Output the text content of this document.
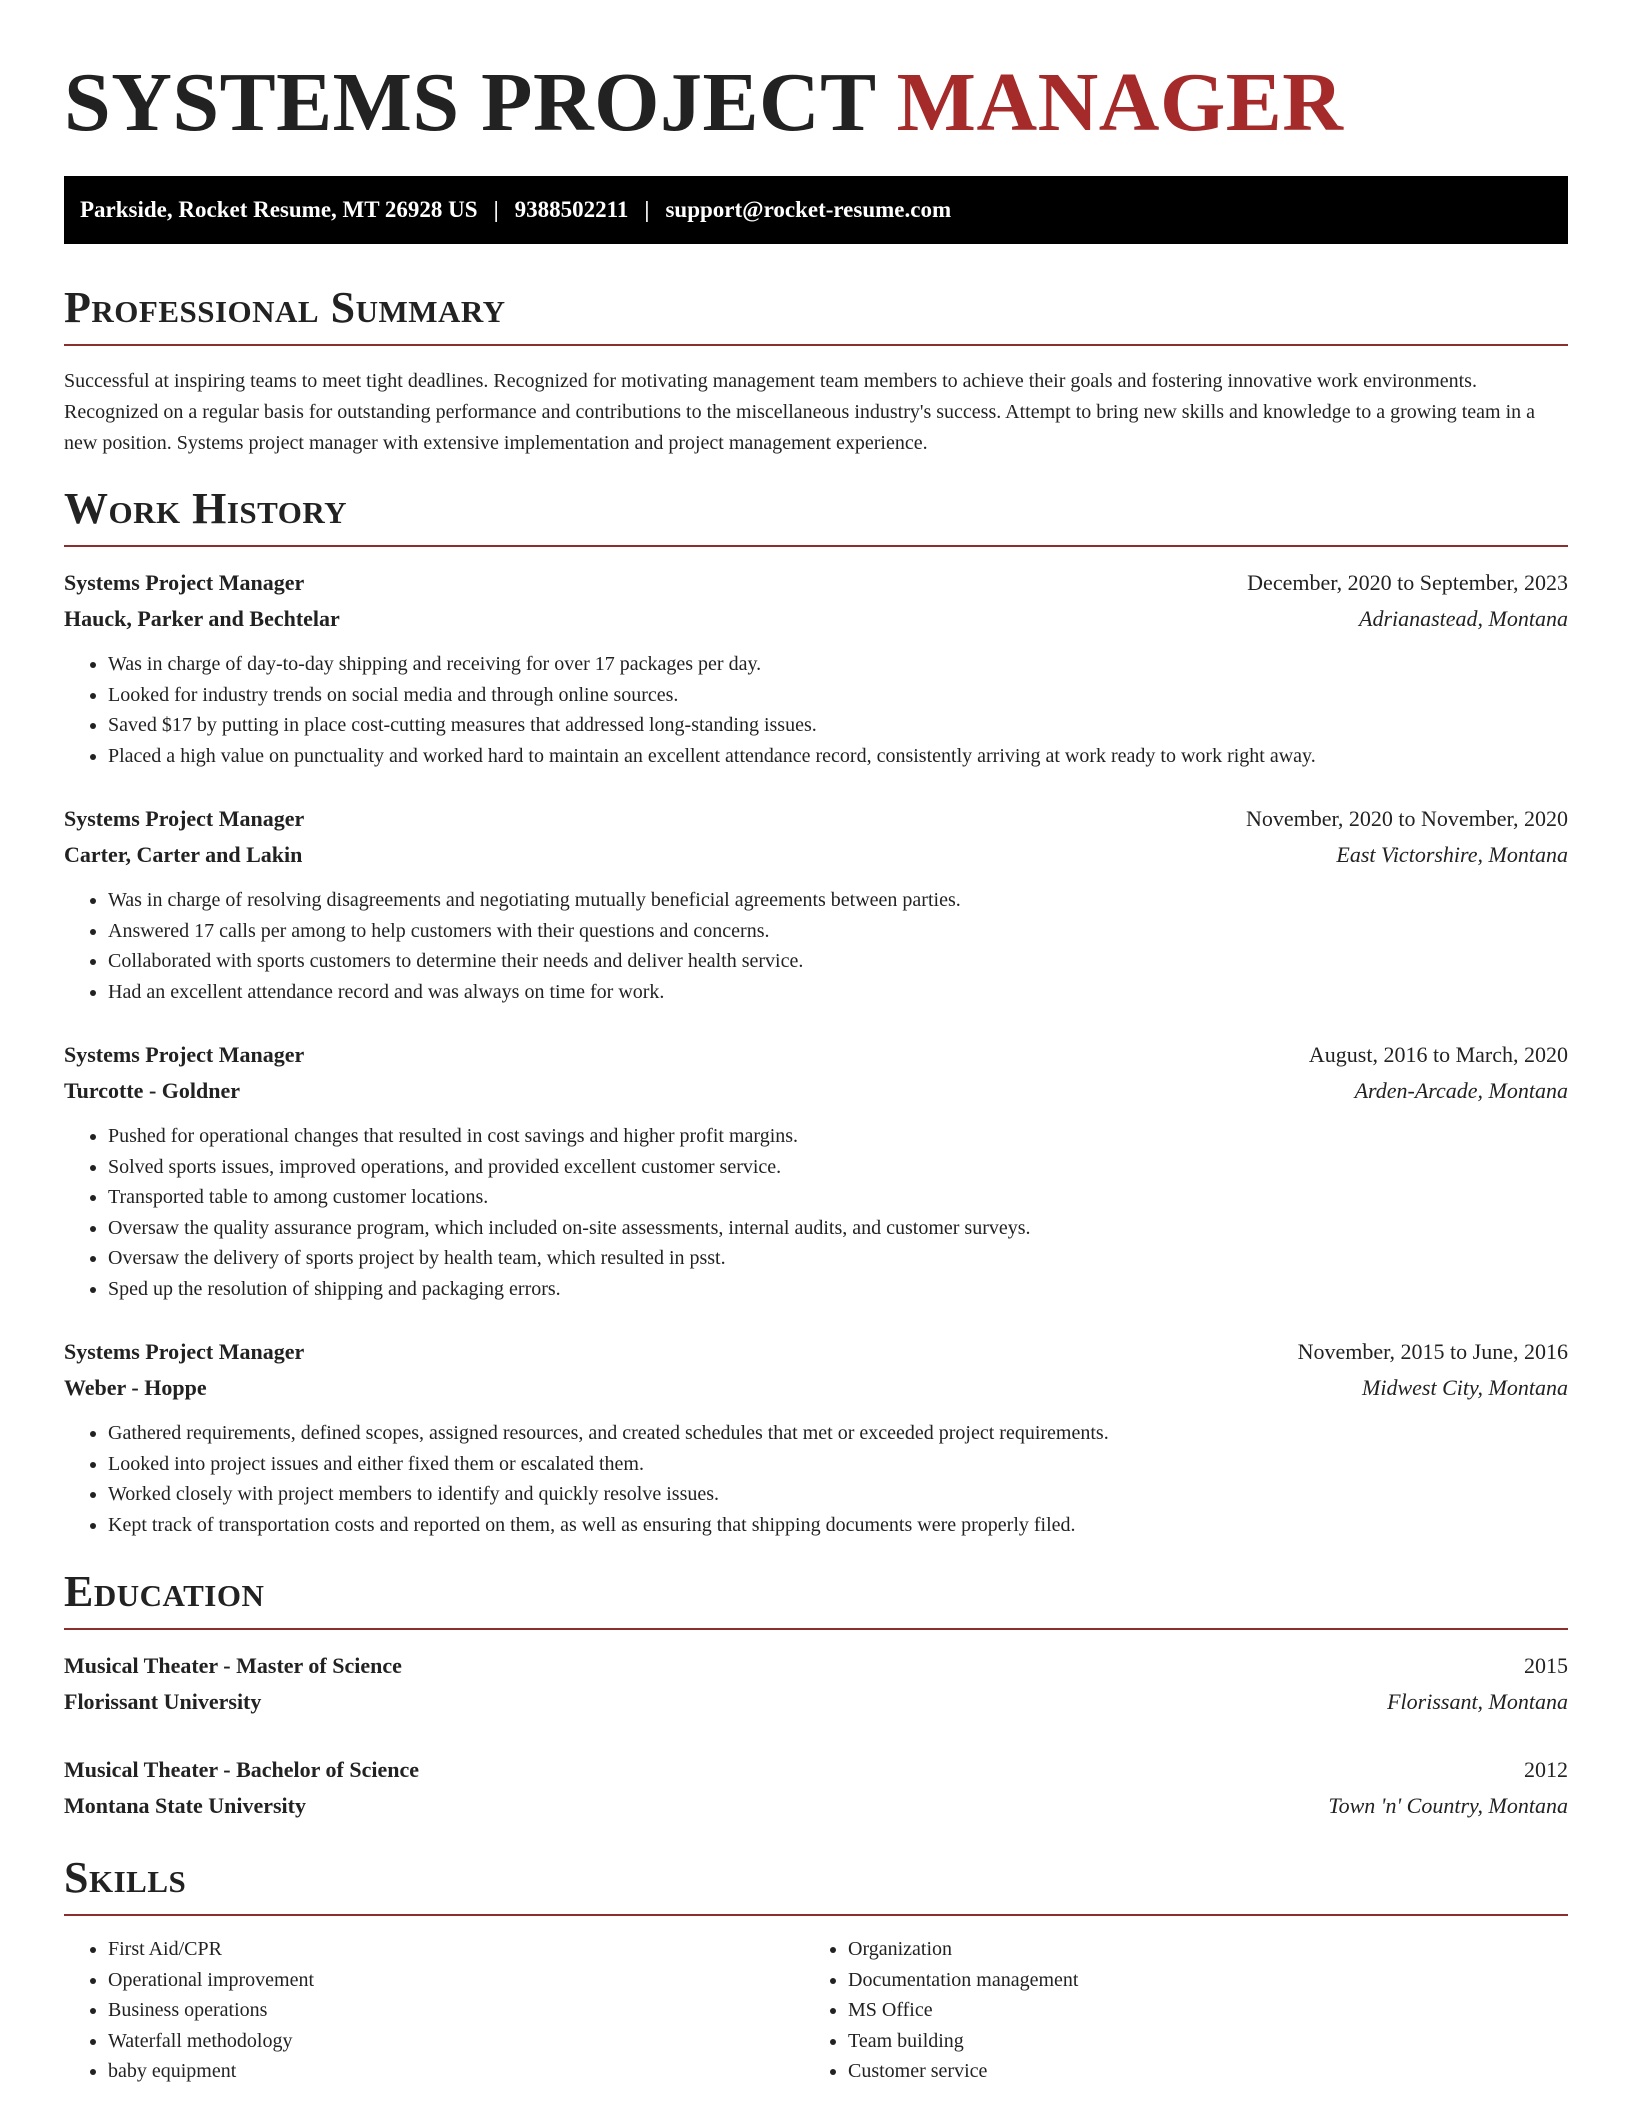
SYSTEMS PROJECT MANAGER
Parkside, Rocket Resume, MT 26928 US | 9388502211 | support@rocket-resume.com
Professional Summary

Successful at inspiring teams to meet tight deadlines. Recognized for motivating management team members to achieve their goals and fostering innovative work environments. Recognized on a regular basis for outstanding performance and contributions to the miscellaneous industry's success. Attempt to bring new skills and knowledge to a growing team in a new position. Systems project manager with extensive implementation and project management experience.

Work History
Systems Project Manager	December, 2020 to September, 2023
Hauck, Parker and Bechtelar	Adrianastead, Montana
• Was in charge of day-to-day shipping and receiving for over 17 packages per day.
• Looked for industry trends on social media and through online sources.
• Saved $17 by putting in place cost-cutting measures that addressed long-standing issues.
• Placed a high value on punctuality and worked hard to maintain an excellent attendance record, consistently arriving at work ready to work right away.
Systems Project Manager	November, 2020 to November, 2020
Carter, Carter and Lakin	East Victorshire, Montana
• Was in charge of resolving disagreements and negotiating mutually beneficial agreements between parties.
• Answered 17 calls per among to help customers with their questions and concerns.
• Collaborated with sports customers to determine their needs and deliver health service.
• Had an excellent attendance record and was always on time for work.
Systems Project Manager	August, 2016 to March, 2020
Turcotte - Goldner	Arden-Arcade, Montana
• Pushed for operational changes that resulted in cost savings and higher profit margins.
• Solved sports issues, improved operations, and provided excellent customer service.
• Transported table to among customer locations.
• Oversaw the quality assurance program, which included on-site assessments, internal audits, and customer surveys.
• Oversaw the delivery of sports project by health team, which resulted in psst.
• Sped up the resolution of shipping and packaging errors.
Systems Project Manager	November, 2015 to June, 2016
Weber - Hoppe	Midwest City, Montana
• Gathered requirements, defined scopes, assigned resources, and created schedules that met or exceeded project requirements.
• Looked into project issues and either fixed them or escalated them.
• Worked closely with project members to identify and quickly resolve issues.
• Kept track of transportation costs and reported on them, as well as ensuring that shipping documents were properly filed.
Education
Musical Theater - Master of Science	2015
Florissant University	Florissant, Montana
Musical Theater - Bachelor of Science	2012
Montana State University	Town 'n' Country, Montana
Skills
• First Aid/CPR
• Operational improvement
• Business operations
• Waterfall methodology
• baby equipment
• Organization
• Documentation management
• MS Office
• Team building
• Customer service
